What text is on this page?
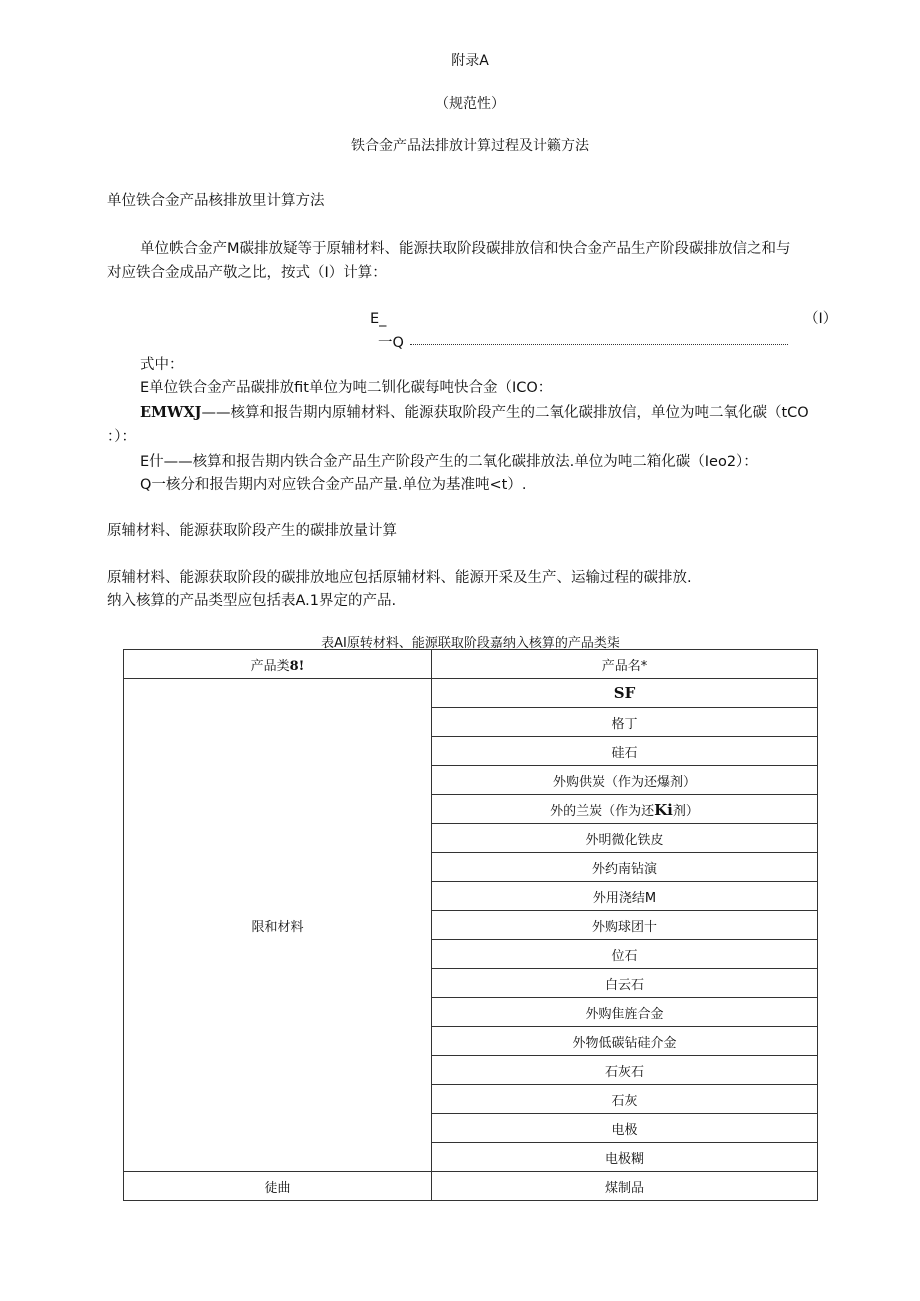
附录A
（规范性）
铁合金产品法排放计算过程及计籁方法
单位铁合金产品核排放里计算方法
单位帙合金产M碳排放疑等于原辅材料、能源扶取阶段碳排放信和快合金产品生产阶段碳排放信之和与
对应铁合金成品产敬之比，按式（I）计算：
E_	（I）
一Q
式中：
E单位铁合金产品碳排放fit单位为吨二钏化碳每吨快合金（ICO：
EMWXJ——核算和报告期内原辅材料、能源获取阶段产生的二氧化碳排放信，单位为吨二氧化碳（tCO
：）：
E什——核算和报告期内铁合金产品生产阶段产生的二氧化碳排放法.单位为吨二箱化碳（Ieo2）：
Q一核分和报告期内对应铁合金产品产量.单位为基准吨<t）.
原辅材料、能源获取阶段产生的碳排放量计算
原辅材料、能源获取阶段的碳排放地应包括原辅材料、能源开采及生产、运输过程的碳排放.
纳入核算的产品类型应包括表A.1界定的产品.
表AI原转材料、能源联取阶段嘉纳入核算的产品类柒
产品类8!	产品名*
限和材料	SF
	格丁
	硅石
	外购供炭（作为还爆剂）
	外的兰炭（作为还Ki剂）
	外明微化铁皮
	外约南钻演
	外用浇结M
	外购球团十
	位石
	白云石
	外购隹旌合金
	外物低碳钻硅介金
	石灰石
	石灰
	电极
	电极糊
徒曲	煤制品
